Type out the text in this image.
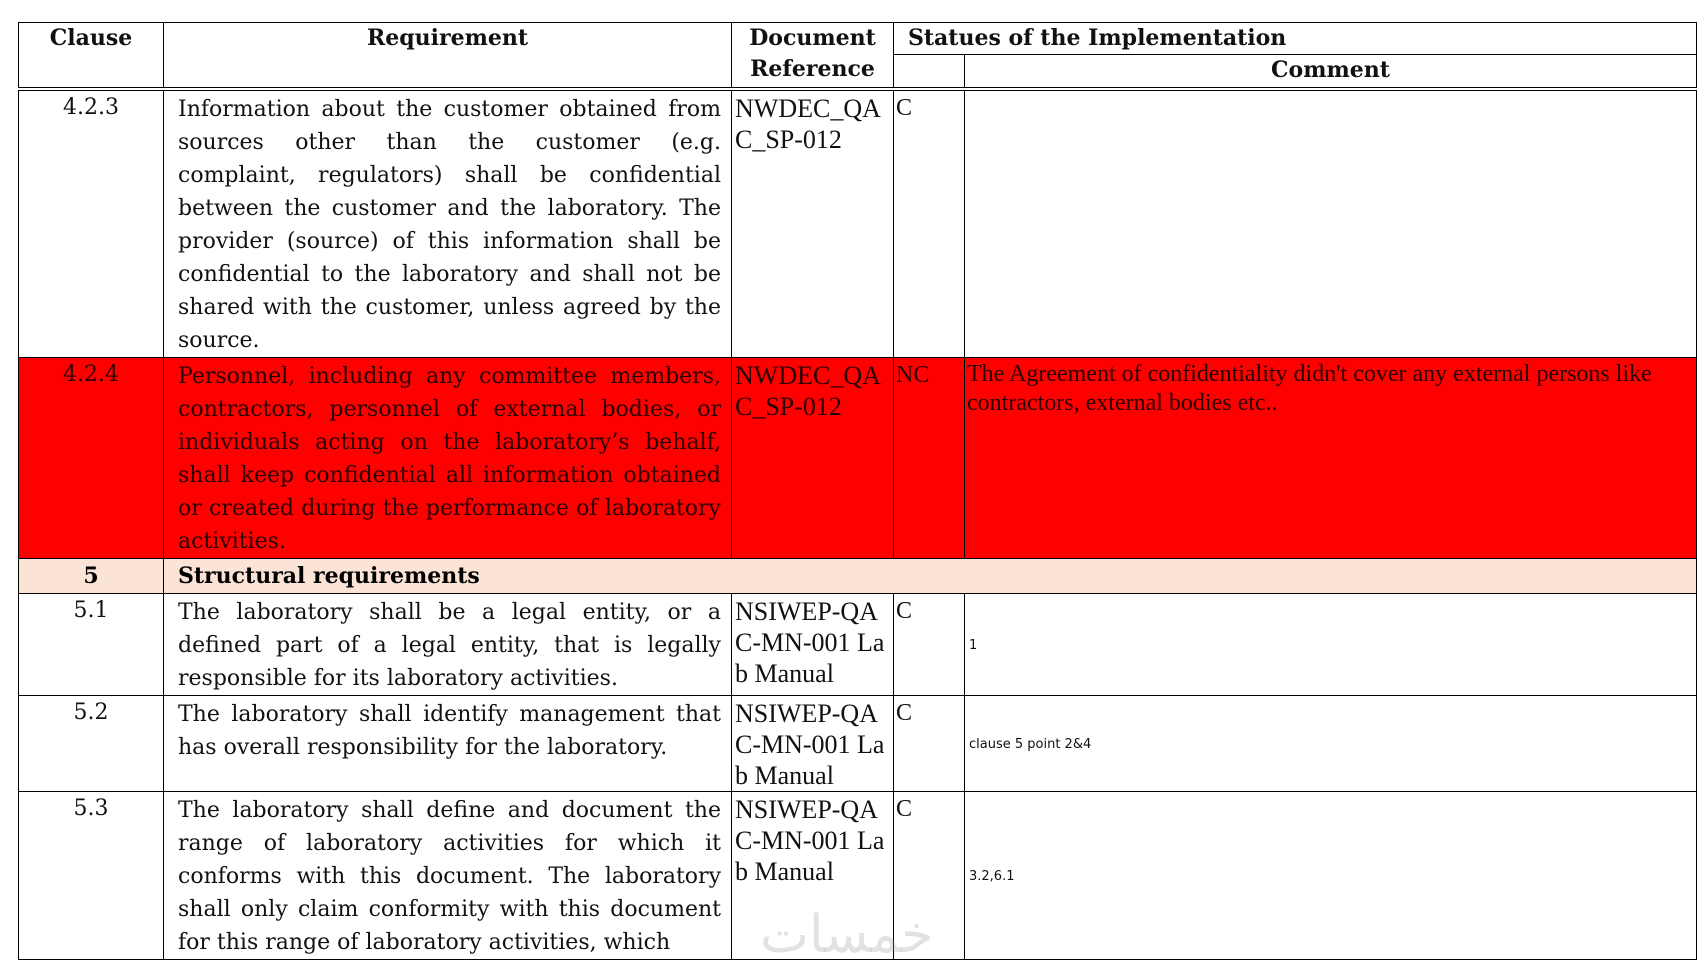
Clause	Requirement	Document Reference	Statues of the Implementation	
				Comment
4.2.3	Information about the customer obtained from sources other than the customer (e.g. complaint, regulators) shall be confidential between the customer and the laboratory. The provider (source) of this information shall be confidential to the laboratory and shall not be shared with the customer, unless agreed by the source.	NWDEC_QAC_SP-012	C	
4.2.4	Personnel, including any committee members, contractors, personnel of external bodies, or individuals acting on the laboratory’s behalf, shall keep confidential all information obtained or created during the performance of laboratory activities.	NWDEC_QAC_SP-012	NC	The Agreement of confidentiality didn't cover any external persons like contractors, external bodies etc..
5	Structural requirements			
5.1	The laboratory shall be a legal entity, or a defined part of a legal entity, that is legally responsible for its laboratory activities.	NSIWEP-QAC-MN-001 Lab Manual	C	1
5.2	The laboratory shall identify management that has overall responsibility for the laboratory.	NSIWEP-QAC-MN-001 Lab Manual	C	clause 5 point 2&4
5.3	The laboratory shall define and document the range of laboratory activities for which it conforms with this document. The laboratory shall only claim conformity with this document for this range of laboratory activities, which	NSIWEP-QAC-MN-001 Lab Manual	C	3.2,6.1
خمسات
